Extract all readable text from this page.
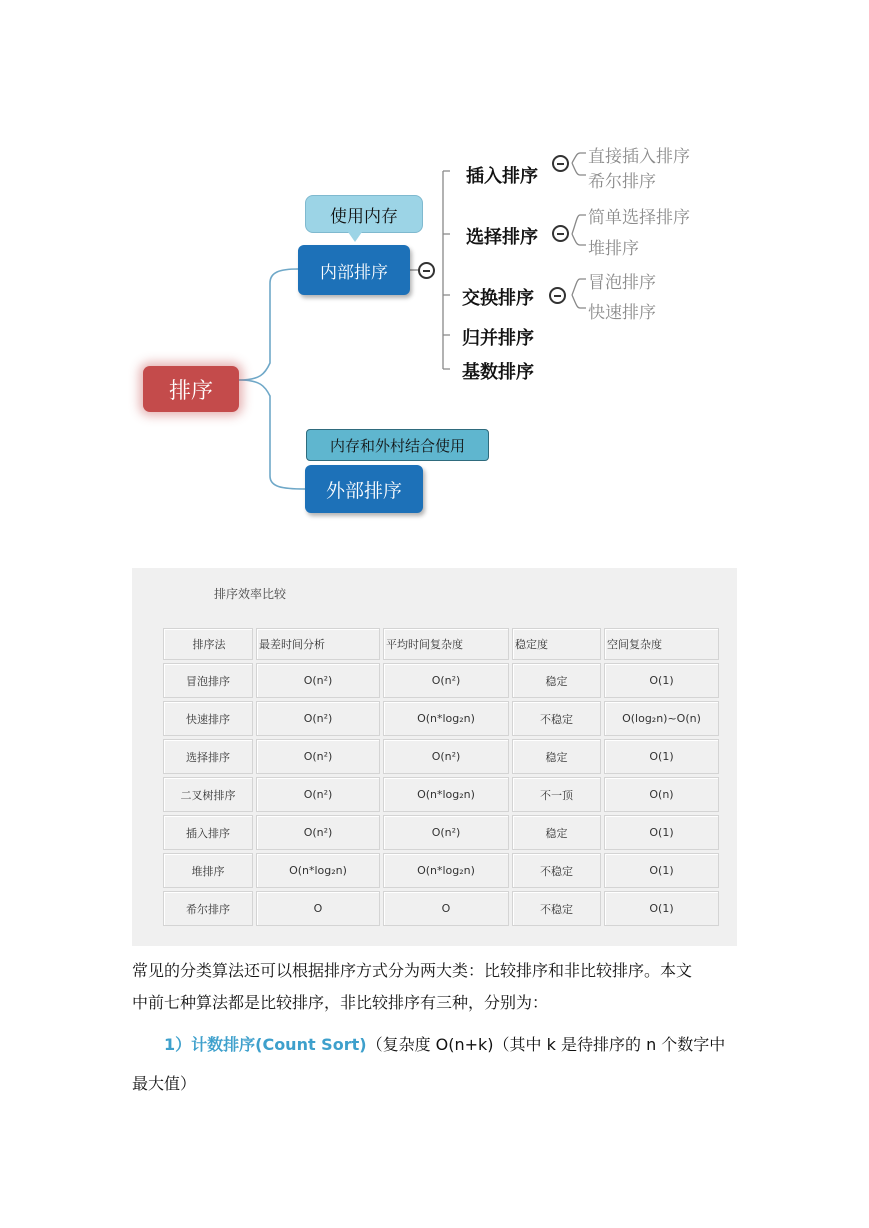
排序
使用内存
内部排序
内存和外村结合使用
外部排序
插入排序
直接插入排序
希尔排序
选择排序
简单选择排序
堆排序
交换排序
冒泡排序
快速排序
归并排序
基数排序
排序效率比较
排序法	最差时间分析	平均时间复杂度	稳定度	空间复杂度
冒泡排序	O(n²)	O(n²)	稳定	O(1)
快速排序	O(n²)	O(n*log₂n)	不稳定	O(log₂n)~O(n)
选择排序	O(n²)	O(n²)	稳定	O(1)
二叉树排序	O(n²)	O(n*log₂n)	不一顶	O(n)
插入排序	O(n²)	O(n²)	稳定	O(1)
堆排序	O(n*log₂n)	O(n*log₂n)	不稳定	O(1)
希尔排序	O	O	不稳定	O(1)
常见的分类算法还可以根据排序方式分为两大类：比较排序和非比较排序。本文
中前七种算法都是比较排序，非比较排序有三种，分别为：
1）计数排序(Count Sort)（复杂度 O(n+k)（其中 k 是待排序的 n 个数字中
最大值）
